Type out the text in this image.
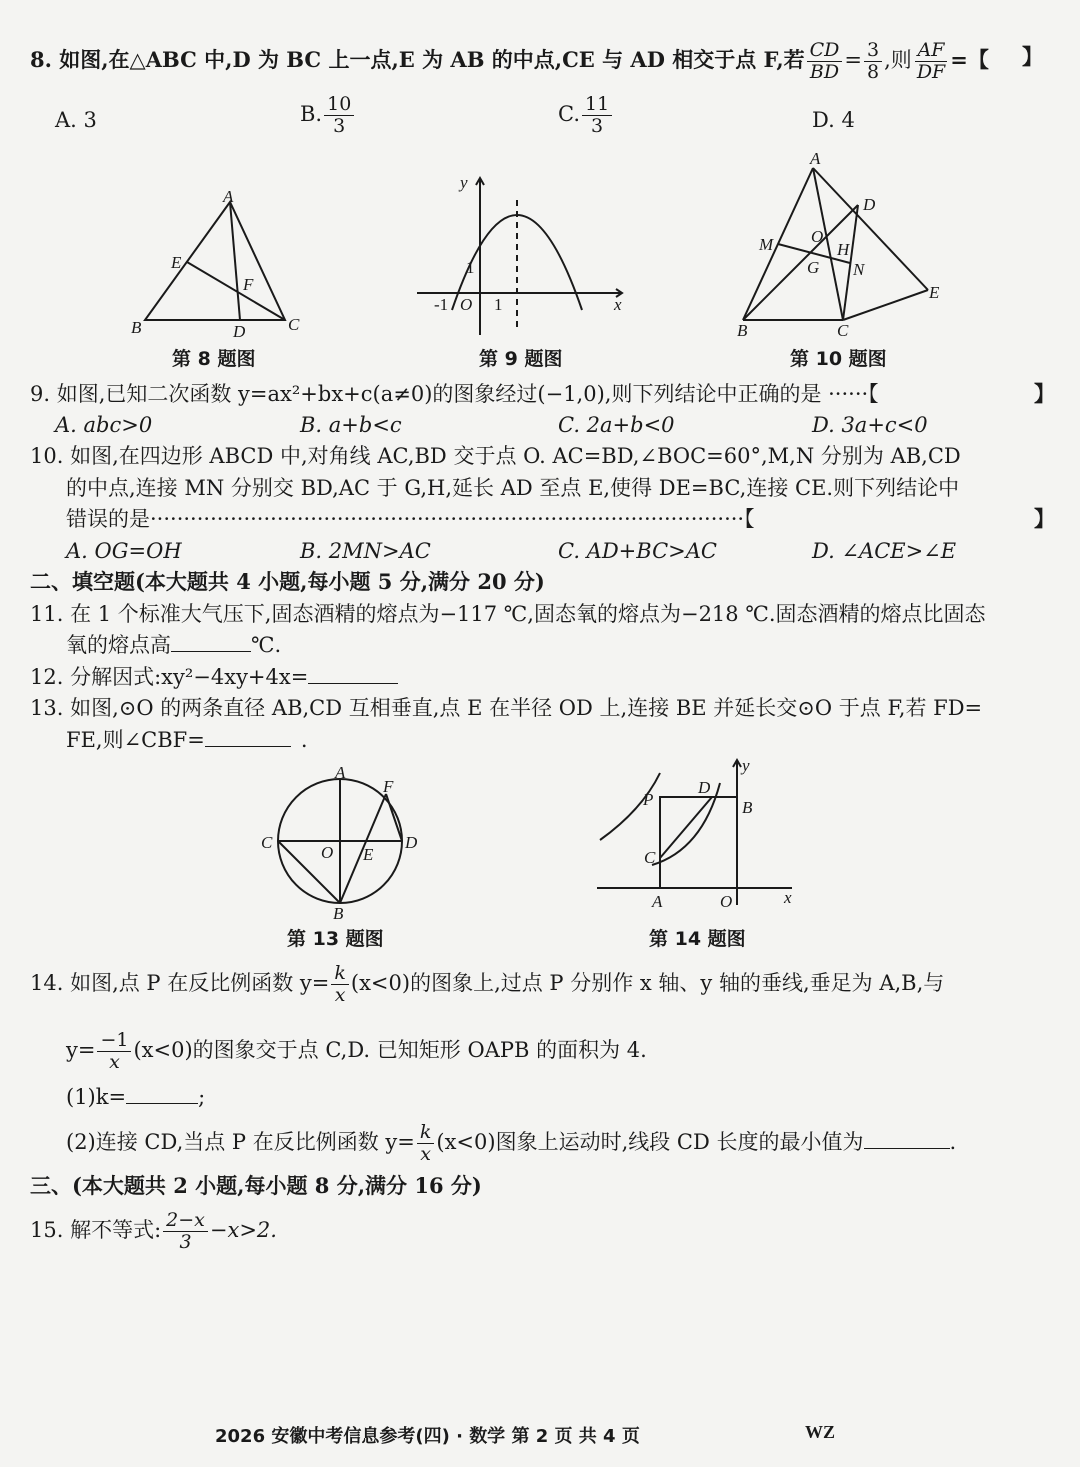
8. 如图,在△ABC 中,D 为 BC 上一点,E 为 AB 的中点,CE 与 AD 相交于点 F,若 $\frac{CD}{BD} = \frac{3}{8}$ ,则 $\frac{AF}{DF}$ =【 】
A. 3	B. $\frac{10}{3}$	C. $\frac{11}{3}$	D. 4
A
B	C
D
E
F
第 8 题图
y
x
1
-1 O 1
第 9 题图
A
B	C
D
E
M
N
O
G
H
第 10 题图
9. 如图,已知二次函数 y=ax²+bx+c(a≠0)的图象经过(−1,0),则下列结论中正确的是 ······【	】
A. abc>0	B. a+b<c	C. 2a+b<0	D. 3a+c<0
10. 如图,在四边形 ABCD 中,对角线 AC,BD 交于点 O. AC=BD,∠BOC=60°,M,N 分别为 AB,CD
的中点,连接 MN 分别交 BD,AC 于 G,H,延长 AD 至点 E,使得 DE=BC,连接 CE.则下列结论中
错误的是·························································································【	】
A. OG=OH	B. 2MN>AC	C. AD+BC>AC	D. ∠ACE>∠E
二、填空题(本大题共 4 小题,每小题 5 分,满分 20 分)
11. 在 1 个标准大气压下,固态酒精的熔点为−117 ℃,固态氧的熔点为−218 ℃.固态酒精的熔点比固态
氧的熔点高	℃.
12. 分解因式:xy²−4xy+4x=
13. 如图,⊙O 的两条直径 AB,CD 互相垂直,点 E 在半径 OD 上,连接 BE 并延长交⊙O 于点 F,若 FD=
FE,则∠CBF=	.
A
B
C	D
E
F
O
第 13 题图
P
D
B
C
A	O	x
y
第 14 题图
14. 如图,点 P 在反比例函数 $y= \frac{k}{x} (x<0)$的图象上,过点 P 分别作 x 轴、y 轴的垂线,垂足为 A,B,与
$y= \frac{-1}{x} (x<0)$的图象交于点 C,D. 已知矩形 OAPB 的面积为 4.
(1)k=	;
(2)连接 CD,当点 P 在反比例函数 $y= \frac{k}{x} (x<0)$图象上运动时,线段 CD 长度的最小值为	.
三、(本大题共 2 小题,每小题 8 分,满分 16 分)
15. 解不等式: $\frac{2-x}{3} -x>2$.
2026 安徽中考信息参考(四) · 数学 第 2 页 共 4 页	WZ
